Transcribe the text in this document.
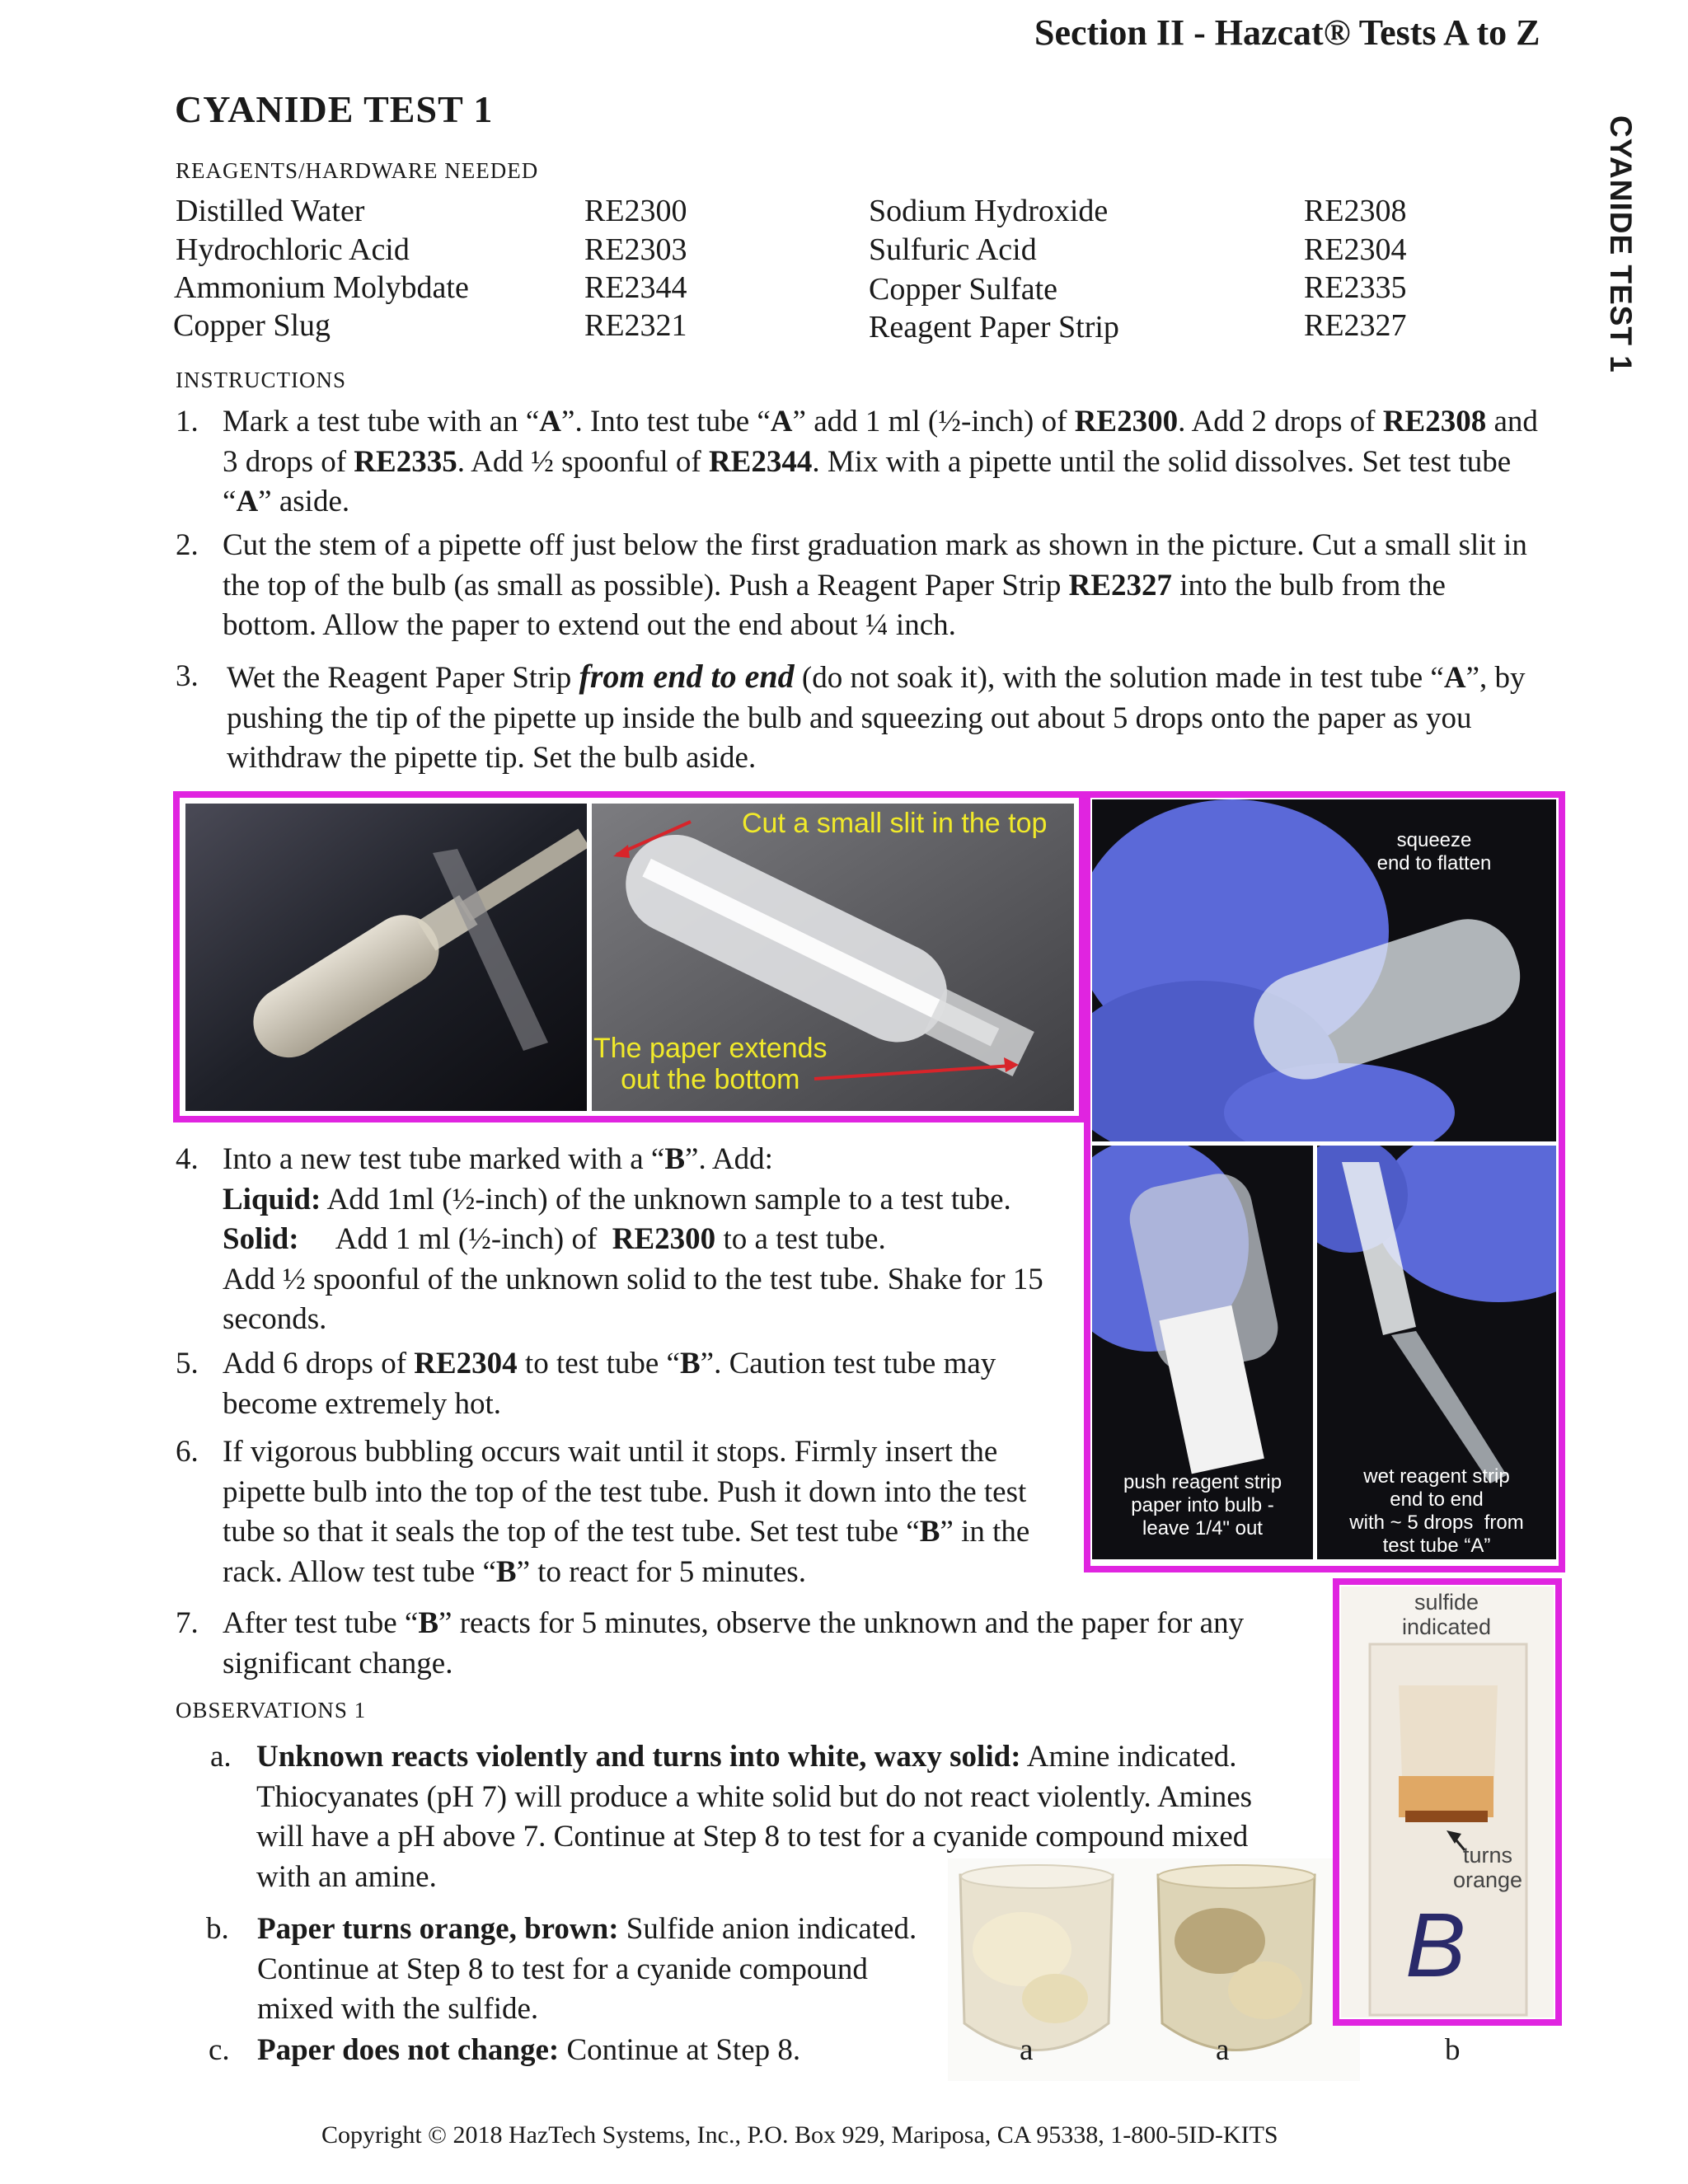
Section II - Hazcat® Tests A to Z
CYANIDE TEST 1
CYANIDE TEST 1
REAGENTS/HARDWARE NEEDED
Distilled Water	RE2300
Hydrochloric Acid	RE2303
Ammonium Molybdate	RE2344
Copper Slug	RE2321
Sodium Hydroxide	RE2308
Sulfuric Acid	RE2304
Copper Sulfate	RE2335
Reagent Paper Strip	RE2327
INSTRUCTIONS
1. Mark a test tube with an “A”. Into test tube “A” add 1 ml (½-inch) of RE2300. Add 2 drops of RE2308 and 3 drops of RE2335. Add ½ spoonful of RE2344. Mix with a pipette until the solid dissolves. Set test tube “A” aside.
2. Cut the stem of a pipette off just below the first graduation mark as shown in the picture. Cut a small slit in the top of the bulb (as small as possible). Push a Reagent Paper Strip RE2327 into the bulb from the bottom. Allow the paper to extend out the end about ¼ inch.
3. Wet the Reagent Paper Strip from end to end (do not soak it), with the solution made in test tube “A”, by pushing the tip of the pipette up inside the bulb and squeezing out about 5 drops onto the paper as you withdraw the pipette tip. Set the bulb aside.
Cut a small slit in the top
The paper extends
out the bottom
squeeze
end to flatten
push reagent strip
paper into bulb -
leave 1/4" out
wet reagent strip
end to end
with ~ 5 drops  from
test tube “A”
4. Into a new test tube marked with a “B”. Add:
Liquid: Add 1ml (½-inch) of the unknown sample to a test tube.
Solid:     Add 1 ml (½-inch) of  RE2300 to a test tube.
Add ½ spoonful of the unknown solid to the test tube. Shake for 15 seconds.
5. Add 6 drops of RE2304 to test tube “B”. Caution test tube may become extremely hot.
6. If vigorous bubbling occurs wait until it stops. Firmly insert the pipette bulb into the top of the test tube. Push it down into the test tube so that it seals the top of the test tube. Set test tube “B” in the rack. Allow test tube “B” to react for 5 minutes.
7. After test tube “B” reacts for 5 minutes, observe the unknown and the paper for any significant change.
OBSERVATIONS 1
a. Unknown reacts violently and turns into white, waxy solid: Amine indicated. Thiocyanates (pH 7) will produce a white solid but do not react violently. Amines will have a pH above 7. Continue at Step 8 to test for a cyanide compound mixed with an amine.
b. Paper turns orange, brown: Sulfide anion indicated. Continue at Step 8 to test for a cyanide compound mixed with the sulfide.
c. Paper does not change: Continue at Step 8.	a	a	b
sulfide
indicated
turns
orange
B
Copyright © 2018 HazTech Systems, Inc., P.O. Box 929, Mariposa, CA 95338, 1-800-5ID-KITS
